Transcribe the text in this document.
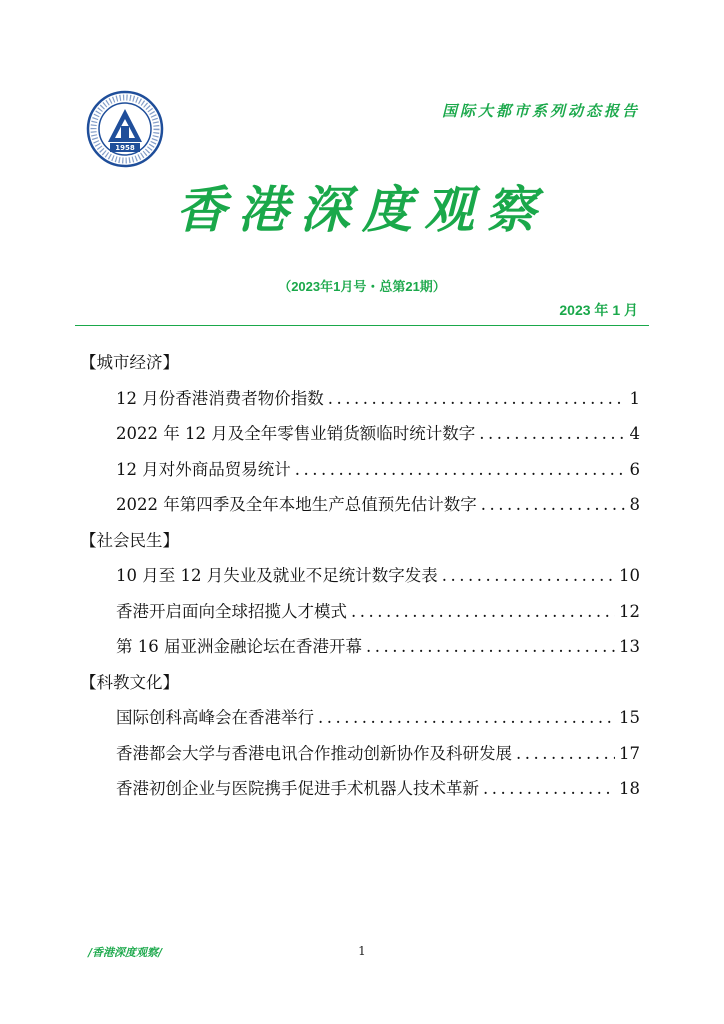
1958
国际大都市系列动态报告
香港深度观察
（2023年1月号・总第21期）
2023 年 1 月
【城市经济】
12 月份香港消费者物价指数 .....	1
2022 年 12 月及全年零售业销货额临时统计数字 .....	4
12 月对外商品贸易统计 .....	6
2022 年第四季及全年本地生产总值预先估计数字 .....	8
【社会民生】
10 月至 12 月失业及就业不足统计数字发表 .....	10
香港开启面向全球招揽人才模式 .....	12
第 16 届亚洲金融论坛在香港开幕 .....	13
【科教文化】
国际创科高峰会在香港举行 .....	15
香港都会大学与香港电讯合作推动创新协作及科研发展 .....	17
香港初创企业与医院携手促进手术机器人技术革新 .....	18
/香港深度观察/	1
